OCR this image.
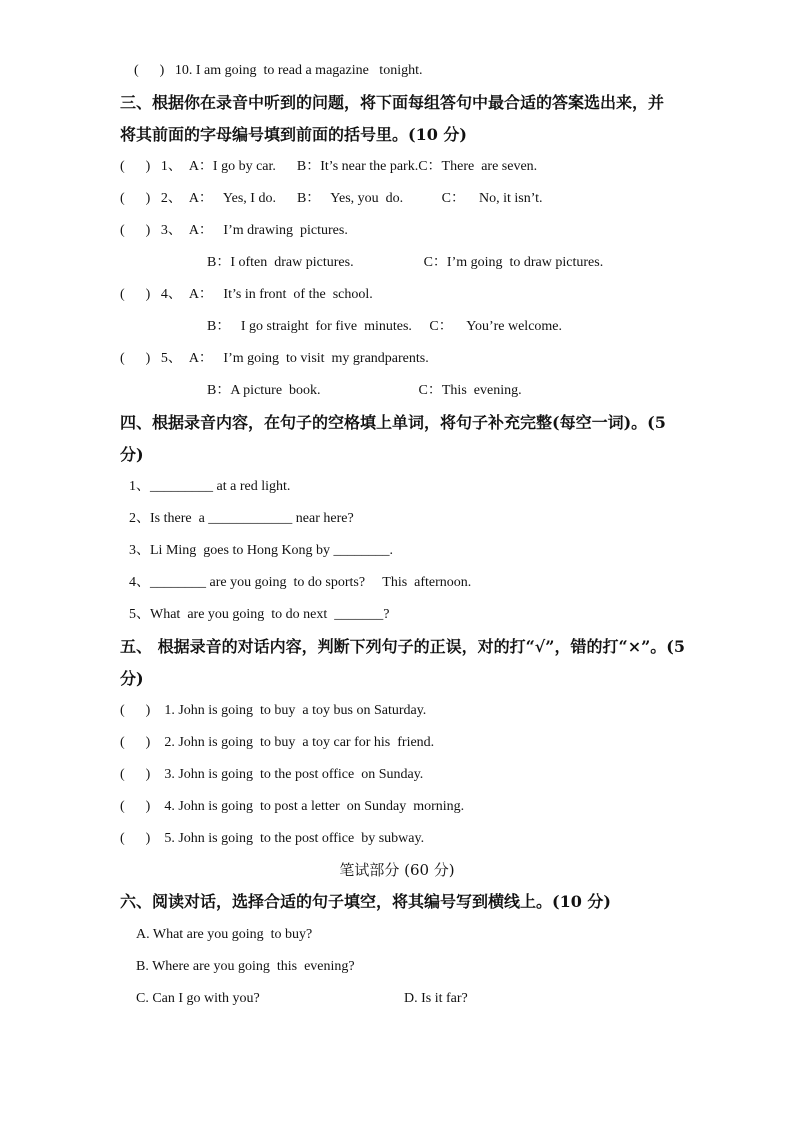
(      )   10. I am going  to read a magazine   tonight.
三、根据你在录音中听到的问题，将下面每组答句中最合适的答案选出来，并
将其前面的字母编号填到前面的括号里。(10 分)
(      )   1、  A：I go by car.      B：It’s near the park.C：There  are seven.
(      )   2、  A：   Yes, I do.      B：   Yes, you  do.           C：    No, it isn’t.
(      )   3、  A：   I’m drawing  pictures.
B：I often  draw pictures.                    C：I’m going  to draw pictures.
(      )   4、  A：   It’s in front  of the  school.
B：   I go straight  for five  minutes.     C：    You’re welcome.
(      )   5、  A：   I’m going  to visit  my grandparents.
B：A picture  book.                            C：This  evening.
四、根据录音内容，在句子的空格填上单词，将句子补充完整(每空一词)。(5
分)
1、_________ at a red light.
2、Is there  a ____________ near here?
3、Li Ming  goes to Hong Kong by ________.
4、________ are you going  to do sports?     This  afternoon.
5、What  are you going  to do next  _______?
五、 根据录音的对话内容，判断下列句子的正误，对的打“√”，错的打“×”。(5
分)
(      )    1. John is going  to buy  a toy bus on Saturday.
(      )    2. John is going  to buy  a toy car for his  friend.
(      )    3. John is going  to the post office  on Sunday.
(      )    4. John is going  to post a letter  on Sunday  morning.
(      )    5. John is going  to the post office  by subway.
笔试部分 (60 分)
六、阅读对话，选择合适的句子填空，将其编号写到横线上。(10 分)
A. What are you going  to buy?
B. Where are you going  this  evening?
C. Can I go with you?	D. Is it far?
